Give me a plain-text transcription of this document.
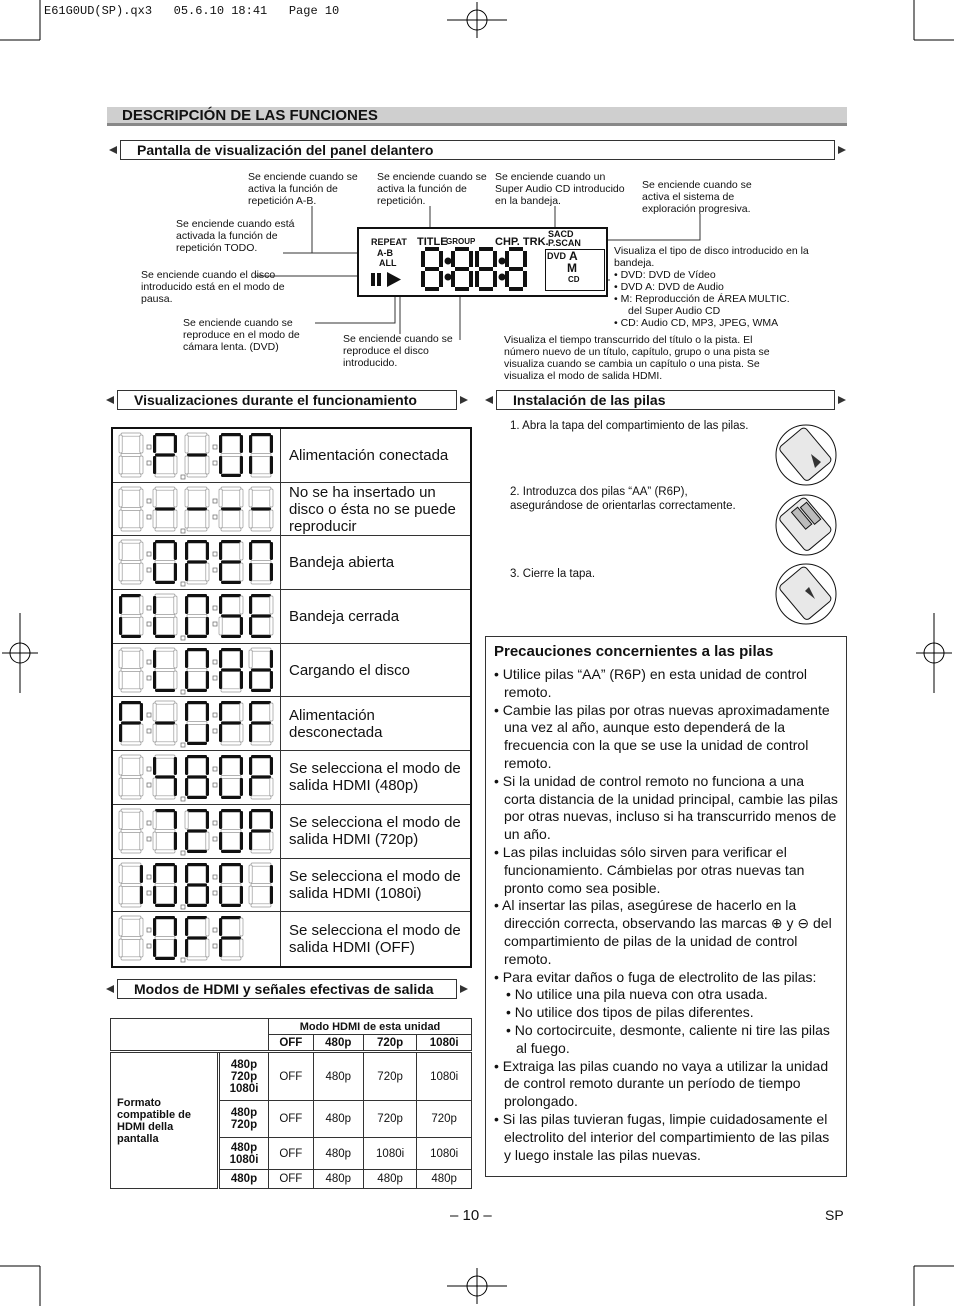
E61G0UD(SP).qx3   05.6.10 18:41   Page 10
DESCRIPCIÓN DE LAS FUNCIONES
Pantalla de visualización del panel delantero
Se enciende cuando se activa la función de repetición A-B.
Se enciende cuando se activa la función de repetición.
Se enciende cuando un Super Audio CD introducido en la bandeja.
Se enciende cuando se activa el sistema de exploración progresiva.
Se enciende cuando está activada la función de repetición TODO.
Se enciende cuando el disco introducido está en el modo de pausa.
Se enciende cuando se reproduce en el modo de cámara lenta. (DVD)
Se enciende cuando se reproduce el disco introducido.
Visualiza el tiempo transcurrido del título o la pista. El número nuevo de un título, capítulo, grupo o una pista se visualiza cuando se cambia un capítulo o una pista. Se visualiza el modo de salida HDMI.
Visualiza el tipo de disco introducido en la bandeja.
• DVD: DVD de Vídeo
• DVD A: DVD de Audio
• M: Reproducción de ÁREA MULTIC.
del Super Audio CD
• CD: Audio CD, MP3, JPEG, WMA
REPEAT
A-B
ALL
TITLE
GROUP CHP. TRK.
SACD
P.SCAN
DVD A
M
CD
Visualizaciones durante el funcionamiento
Alimentación conectada
No se ha insertado un disco o ésta no se puede reproducir
Bandeja abierta
Bandeja cerrada
Cargando el disco
Alimentación desconectada
Se selecciona el modo de salida HDMI (480p)
Se selecciona el modo de salida HDMI (720p)
Se selecciona el modo de salida HDMI (1080i)
Se selecciona el modo de salida HDMI (OFF)
Modos de HDMI y señales efectivas de salida
		Modo HDMI de esta unidad			
		OFF	480p	720p	1080i
Formato compatible de HDMI della pantalla	480p 720p 1080i	OFF	480p	720p	1080i
	480p 720p	OFF	480p	720p	720p
	480p 1080i	OFF	480p	1080i	1080i
	480p	OFF	480p	480p	480p
Instalación de las pilas
1. Abra la tapa del compartimiento de las pilas.
2. Introduzca dos pilas “AA” (R6P), asegurándose de orientarlas correctamente.
3. Cierre la tapa.
Precauciones concernientes a las pilas
• Utilice pilas “AA” (R6P) en esta unidad de control remoto.
• Cambie las pilas por otras nuevas aproximadamente una vez al año, aunque esto dependerá de la frecuencia con la que se use la unidad de control remoto.
• Si la unidad de control remoto no funciona a una corta distancia de la unidad principal, cambie las pilas por otras nuevas, incluso si ha transcurrido menos de un año.
• Las pilas incluidas sólo sirven para verificar el funcionamiento. Cámbielas por otras nuevas tan pronto como sea posible.
• Al insertar las pilas, asegúrese de hacerlo en la dirección correcta, observando las marcas ⊕ y ⊖ del compartimiento de pilas de la unidad de control remoto.
• Para evitar daños o fuga de electrolito de las pilas:
• No utilice una pila nueva con otra usada.
• No utilice dos tipos de pilas diferentes.
• No cortocircuite, desmonte, caliente ni tire las pilas al fuego.
• Extraiga las pilas cuando no vaya a utilizar la unidad de control remoto durante un período de tiempo prolongado.
• Si las pilas tuvieran fugas, limpie cuidadosamente el electrolito del interior del compartimiento de las pilas y luego instale las pilas nuevas.
– 10 –	SP
